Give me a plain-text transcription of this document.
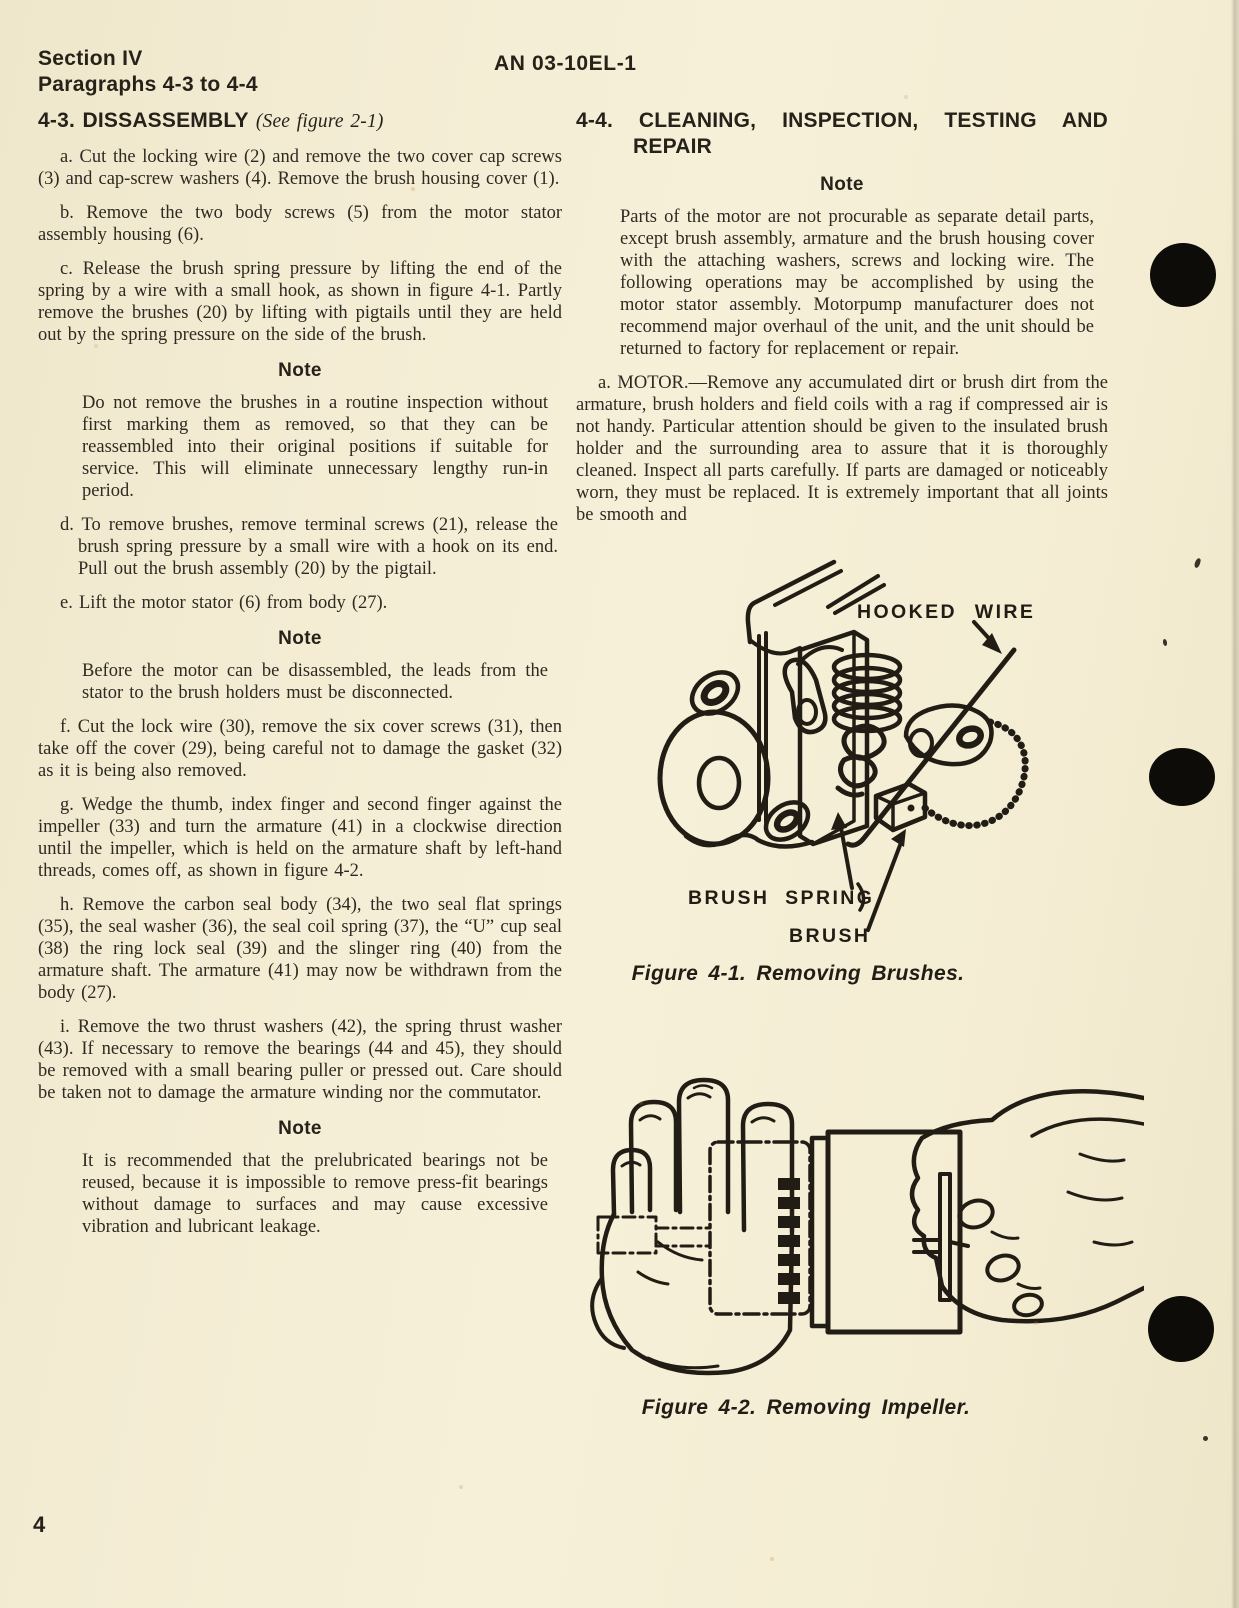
Section IV
Paragraphs 4-3 to 4-4
AN 03-10EL-1
4-3. DISSASSEMBLY (See figure 2-1)

a. Cut the locking wire (2) and remove the two cover cap screws (3) and cap-screw washers (4). Remove the brush housing cover (1).

b. Remove the two body screws (5) from the motor stator assembly housing (6).

c. Release the brush spring pressure by lifting the end of the spring by a wire with a small hook, as shown in figure 4-1. Partly remove the brushes (20) by lifting with pigtails until they are held out by the spring pressure on the side of the brush.

Note

Do not remove the brushes in a routine inspection without first marking them as removed, so that they can be reassembled into their original positions if suitable for service. This will eliminate unnecessary lengthy run-in period.

d. To remove brushes, remove terminal screws (21), release the brush spring pressure by a small wire with a hook on its end. Pull out the brush assembly (20) by the pigtail.

e. Lift the motor stator (6) from body (27).

Note

Before the motor can be disassembled, the leads from the stator to the brush holders must be disconnected.

f. Cut the lock wire (30), remove the six cover screws (31), then take off the cover (29), being careful not to damage the gasket (32) as it is being also removed.

g. Wedge the thumb, index finger and second finger against the impeller (33) and turn the armature (41) in a clockwise direction until the impeller, which is held on the armature shaft by left-hand threads, comes off, as shown in figure 4-2.

h. Remove the carbon seal body (34), the two seal flat springs (35), the seal washer (36), the seal coil spring (37), the “U” cup seal (38) the ring lock seal (39) and the slinger ring (40) from the armature shaft. The armature (41) may now be withdrawn from the body (27).

i. Remove the two thrust washers (42), the spring thrust washer (43). If necessary to remove the bearings (44 and 45), they should be removed with a small bearing puller or pressed out. Care should be taken not to damage the armature winding nor the commutator.

Note

It is recommended that the prelubricated bearings not be reused, because it is impossible to remove press-fit bearings without damage to surfaces and may cause excessive vibration and lubricant leakage.

4-4. CLEANING, INSPECTION, TESTING AND
REPAIR
Note

Parts of the motor are not procurable as separate detail parts, except brush assembly, armature and the brush housing cover with the attaching washers, screws and locking wire. The following operations may be accomplished by using the motor stator assembly. Motorpump manufacturer does not recommend major overhaul of the unit, and the unit should be returned to factory for replacement or repair.

a. MOTOR.—Remove any accumulated dirt or brush dirt from the armature, brush holders and field coils with a rag if compressed air is not handy. Particular attention should be given to the insulated brush holder and the surrounding area to assure that it is thoroughly cleaned. Inspect all parts carefully. If parts are damaged or noticeably worn, they must be replaced. It is extremely important that all joints be smooth and

HOOKED WIRE
BRUSH SPRING
BRUSH
Figure 4-1. Removing Brushes.
Figure 4-2. Removing Impeller.
4
